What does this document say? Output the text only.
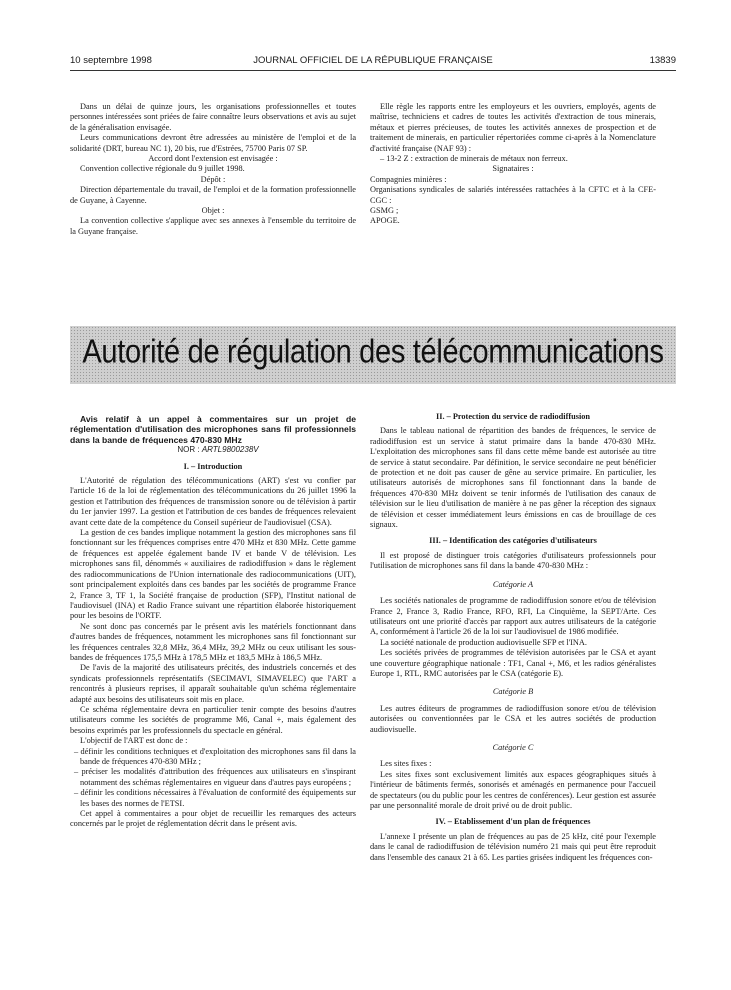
10 septembre 1998	JOURNAL OFFICIEL DE LA RÉPUBLIQUE FRANÇAISE	13839

Dans un délai de quinze jours, les organisations professionnelles et toutes personnes intéressées sont priées de faire connaître leurs observations et avis au sujet de la généralisation envisagée.

Leurs communications devront être adressées au ministère de l'emploi et de la solidarité (DRT, bureau NC 1), 20 bis, rue d'Estrées, 75700 Paris 07 SP.

Accord dont l'extension est envisagée :

Convention collective régionale du 9 juillet 1998.

Dépôt :

Direction départementale du travail, de l'emploi et de la formation professionnelle de Guyane, à Cayenne.

Objet :

La convention collective s'applique avec ses annexes à l'ensemble du territoire de la Guyane française.

Elle règle les rapports entre les employeurs et les ouvriers, employés, agents de maîtrise, techniciens et cadres de toutes les activités d'extraction de tous minerais, métaux et pierres précieuses, de toutes les activités annexes de prospection et de traitement de minerais, en particulier répertoriées comme ci-après à la Nomenclature d'activité française (NAF 93) :

– 13-2 Z : extraction de minerais de métaux non ferreux.

Signataires :

Compagnies minières :

Organisations syndicales de salariés intéressées rattachées à la CFTC et à la CFE-CGC :

GSMG ;

APOGE.

Autorité de régulation des télécommunications

Avis relatif à un appel à commentaires sur un projet de réglementation d'utilisation des microphones sans fil professionnels dans la bande de fréquences 470-830 MHz

NOR : ARTL9800238V

I. – Introduction

L'Autorité de régulation des télécommunications (ART) s'est vu confier par l'article 16 de la loi de réglementation des télécommunications du 26 juillet 1996 la gestion et l'attribution des fréquences de transmission sonore ou de télévision à partir du 1er janvier 1997. La gestion et l'attribution de ces bandes de fréquences relevaient avant cette date de la compétence du Conseil supérieur de l'audiovisuel (CSA).

La gestion de ces bandes implique notamment la gestion des microphones sans fil fonctionnant sur les fréquences comprises entre 470 MHz et 830 MHz. Cette gamme de fréquences est appelée également bande IV et bande V de télévision. Les microphones sans fil, dénommés « auxiliaires de radiodiffusion » dans le règlement des radiocommunications de l'Union internationale des radiocommunications (UIT), sont principalement exploités dans ces bandes par les sociétés de programme France 2, France 3, TF 1, la Société française de production (SFP), l'Institut national de l'audiovisuel (INA) et Radio France suivant une répartition élaborée historiquement pour les besoins de l'ORTF.

Ne sont donc pas concernés par le présent avis les matériels fonctionnant dans d'autres bandes de fréquences, notamment les microphones sans fil fonctionnant sur les fréquences centrales 32,8 MHz, 36,4 MHz, 39,2 MHz ou ceux utilisant les sous-bandes de fréquences 175,5 MHz à 178,5 MHz et 183,5 MHz à 186,5 MHz.

De l'avis de la majorité des utilisateurs précités, des industriels concernés et des syndicats professionnels représentatifs (SECIMAVI, SIMAVELEC) que l'ART a rencontrés à plusieurs reprises, il apparaît souhaitable qu'un schéma réglementaire adapté aux besoins des utilisateurs soit mis en place.

Ce schéma réglementaire devra en particulier tenir compte des besoins d'autres utilisateurs comme les sociétés de programme M6, Canal +, mais également des besoins exprimés par les professionnels du spectacle en général.

L'objectif de l'ART est donc de :

– définir les conditions techniques et d'exploitation des microphones sans fil dans la bande de fréquences 470-830 MHz ;

– préciser les modalités d'attribution des fréquences aux utilisateurs en s'inspirant notamment des schémas réglementaires en vigueur dans d'autres pays européens ;

– définir les conditions nécessaires à l'évaluation de conformité des équipements sur les bases des normes de l'ETSI.

Cet appel à commentaires a pour objet de recueillir les remarques des acteurs concernés par le projet de réglementation décrit dans le présent avis.

II. – Protection du service de radiodiffusion

Dans le tableau national de répartition des bandes de fréquences, le service de radiodiffusion est un service à statut primaire dans la bande 470-830 MHz. L'exploitation des microphones sans fil dans cette même bande est autorisée au titre de service à statut secondaire. Par définition, le service secondaire ne peut bénéficier de protection et ne doit pas causer de gêne au service primaire. En particulier, les utilisateurs autorisés de microphones sans fil fonctionnant dans la bande de fréquences 470-830 MHz doivent se tenir informés de l'utilisation des canaux de télévision sur le lieu d'utilisation de manière à ne pas gêner la réception des signaux de télévision et cesser immédiatement leurs émissions en cas de brouillage de ces signaux.

III. – Identification des catégories d'utilisateurs

Il est proposé de distinguer trois catégories d'utilisateurs professionnels pour l'utilisation de microphones sans fil dans la bande 470-830 MHz :

Catégorie A

Les sociétés nationales de programme de radiodiffusion sonore et/ou de télévision France 2, France 3, Radio France, RFO, RFI, La Cinquième, la SEPT/Arte. Ces utilisateurs ont une priorité d'accès par rapport aux autres utilisateurs de la catégorie A, conformément à l'article 26 de la loi sur l'audiovisuel de 1986 modifiée.

La société nationale de production audiovisuelle SFP et l'INA.

Les sociétés privées de programmes de télévision autorisées par le CSA et ayant une couverture géographique nationale : TF1, Canal +, M6, et les radios généralistes Europe 1, RTL, RMC autorisées par le CSA (catégorie E).

Catégorie B

Les autres éditeurs de programmes de radiodiffusion sonore et/ou de télévision autorisées ou conventionnées par le CSA et les autres sociétés de production audiovisuelle.

Catégorie C

Les sites fixes :

Les sites fixes sont exclusivement limités aux espaces géographiques situés à l'intérieur de bâtiments fermés, sonorisés et aménagés en permanence pour l'accueil de spectateurs (ou du public pour les centres de conférences). Leur gestion est assurée par une personnalité morale de droit privé ou de droit public.

IV. – Etablissement d'un plan de fréquences

L'annexe I présente un plan de fréquences au pas de 25 kHz, cité pour l'exemple dans le canal de radiodiffusion de télévision numéro 21 mais qui peut être reproduit dans l'ensemble des canaux 21 à 65. Les parties grisées indiquent les fréquences con-
